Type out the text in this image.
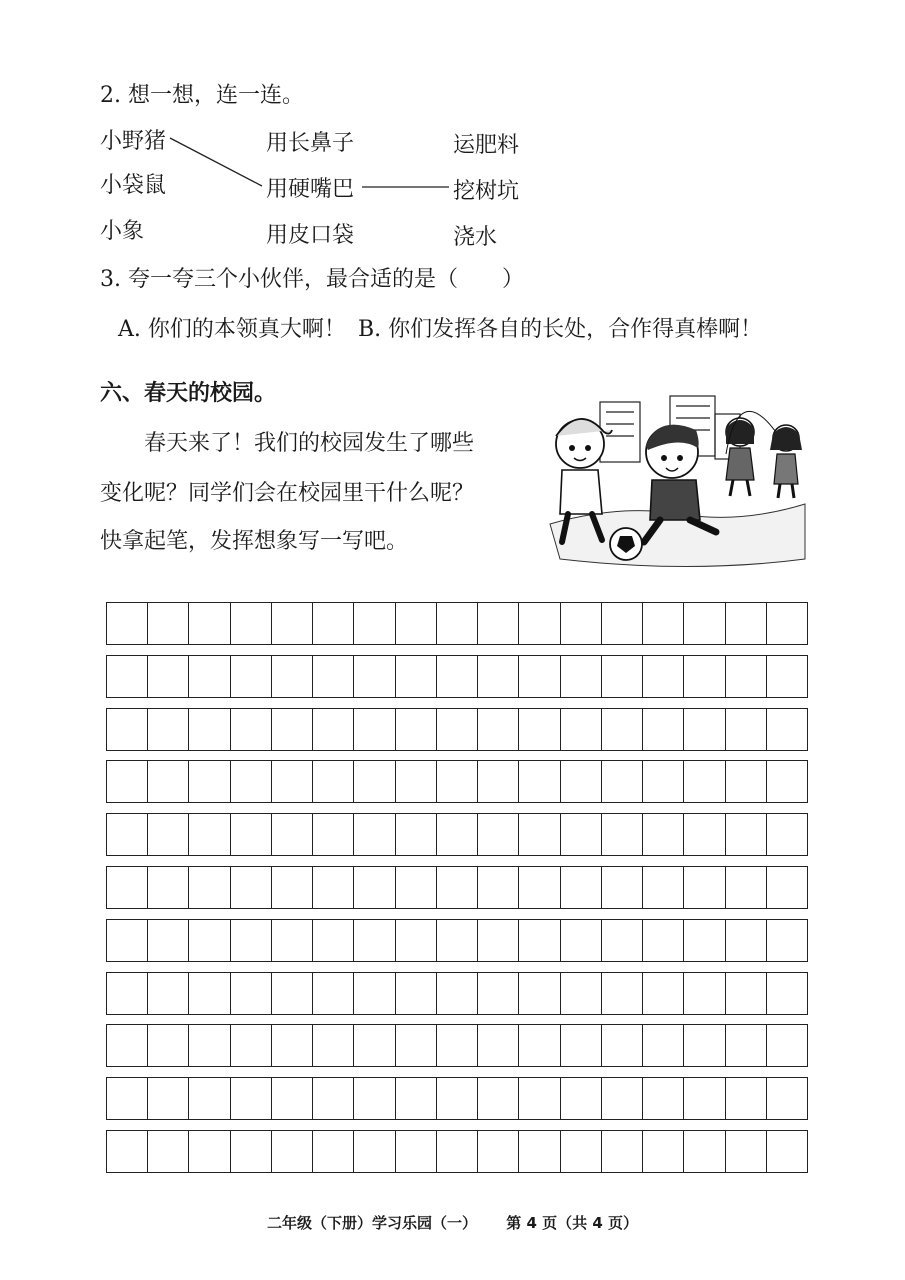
2. 想一想，连一连。
小野猪
小袋鼠
小象
用长鼻子
用硬嘴巴
用皮口袋
运肥料
挖树坑
浇水
3. 夸一夸三个小伙伴，最合适的是（　　）
A. 你们的本领真大啊！ B. 你们发挥各自的长处，合作得真棒啊！
六、春天的校园。
　　春天来了！我们的校园发生了哪些
变化呢？同学们会在校园里干什么呢？
快拿起笔，发挥想象写一写吧。
二年级（下册）学习乐园（一） 第 4 页（共 4 页）
